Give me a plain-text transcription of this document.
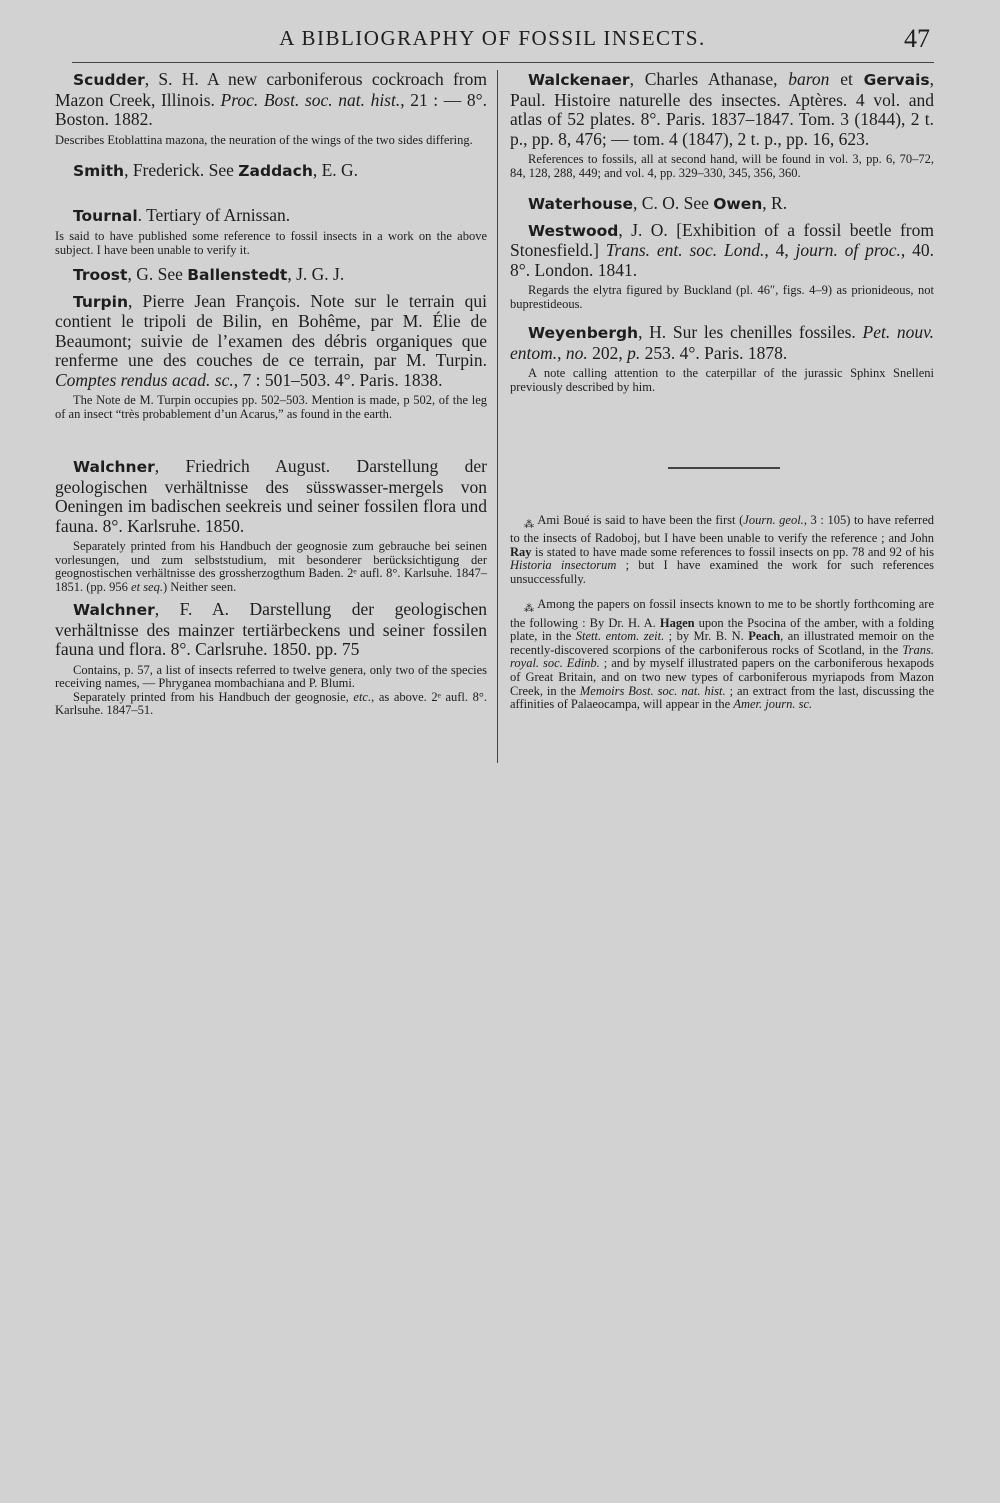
A BIBLIOGRAPHY OF FOSSIL INSECTS.	47

Scudder, S. H. A new carboniferous cockroach from Mazon Creek, Illinois. Proc. Bost. soc. nat. hist., 21 : — 8°. Boston. 1882.

Describes Etoblattina mazona, the neuration of the wings of the two sides differing.

Smith, Frederick. See Zaddach, E. G.

Tournal. Tertiary of Arnissan.

Is said to have published some reference to fossil insects in a work on the above subject. I have been unable to verify it.

Troost, G. See Ballenstedt, J. G. J.

Turpin, Pierre Jean François. Note sur le terrain qui contient le tripoli de Bilin, en Bohême, par M. Élie de Beaumont; suivie de l’examen des débris organiques que renferme une des couches de ce terrain, par M. Turpin. Comptes rendus acad. sc., 7 : 501–503. 4°. Paris. 1838.

The Note de M. Turpin occupies pp. 502–503. Mention is made, p 502, of the leg of an insect “très probablement d’un Acarus,” as found in the earth.

Walchner, Friedrich August. Darstellung der geologischen verhältnisse des süsswasser-mergels von Oeningen im badischen seekreis und seiner fossilen flora und fauna. 8°. Karlsruhe. 1850.

Separately printed from his Handbuch der geognosie zum gebrauche bei seinen vorlesungen, und zum selbststudium, mit besonderer berücksichtigung der geognostischen verhältnisse des grossherzogthum Baden. 2ᵉ aufl. 8°. Karlsuhe. 1847–1851. (pp. 956 et seq.) Neither seen.

Walchner, F. A. Darstellung der geologischen verhältnisse des mainzer tertiärbeckens und seiner fossilen fauna und flora. 8°. Carlsruhe. 1850. pp. 75

Contains, p. 57, a list of insects referred to twelve genera, only two of the species receiving names, — Phryganea mombachiana and P. Blumi.

Separately printed from his Handbuch der geognosie, etc., as above. 2ᵉ aufl. 8°. Karlsuhe. 1847–51.

Walckenaer, Charles Athanase, baron et Gervais, Paul. Histoire naturelle des insectes. Aptères. 4 vol. and atlas of 52 plates. 8°. Paris. 1837–1847. Tom. 3 (1844), 2 t. p., pp. 8, 476; — tom. 4 (1847), 2 t. p., pp. 16, 623.

References to fossils, all at second hand, will be found in vol. 3, pp. 6, 70–72, 84, 128, 288, 449; and vol. 4, pp. 329–330, 345, 356, 360.

Waterhouse, C. O. See Owen, R.

Westwood, J. O. [Exhibition of a fossil beetle from Stonesfield.] Trans. ent. soc. Lond., 4, journ. of proc., 40. 8°. London. 1841.

Regards the elytra figured by Buckland (pl. 46″, figs. 4–9) as prionideous, not buprestideous.

Weyenbergh, H. Sur les chenilles fossiles. Pet. nouv. entom., no. 202, p. 253. 4°. Paris. 1878.

A note calling attention to the caterpillar of the jurassic Sphinx Snelleni previously described by him.

$_⁂$ Ami Boué is said to have been the first (Journ. geol., 3 : 105) to have referred to the insects of Radoboj, but I have been unable to verify the reference ; and John Ray is stated to have made some references to fossil insects on pp. 78 and 92 of his Historia insectorum ; but I have examined the work for such references unsuccessfully.

$_⁂$ Among the papers on fossil insects known to me to be shortly forthcoming are the following : By Dr. H. A. Hagen upon the Psocina of the amber, with a folding plate, in the Stett. entom. zeit. ; by Mr. B. N. Peach, an illustrated memoir on the recently-discovered scorpions of the carboniferous rocks of Scotland, in the Trans. royal. soc. Edinb. ; and by myself illustrated papers on the carboniferous hexapods of Great Britain, and on two new types of carboniferous myriapods from Mazon Creek, in the Memoirs Bost. soc. nat. hist. ; an extract from the last, discussing the affinities of Palaeocampa, will appear in the Amer. journ. sc.
